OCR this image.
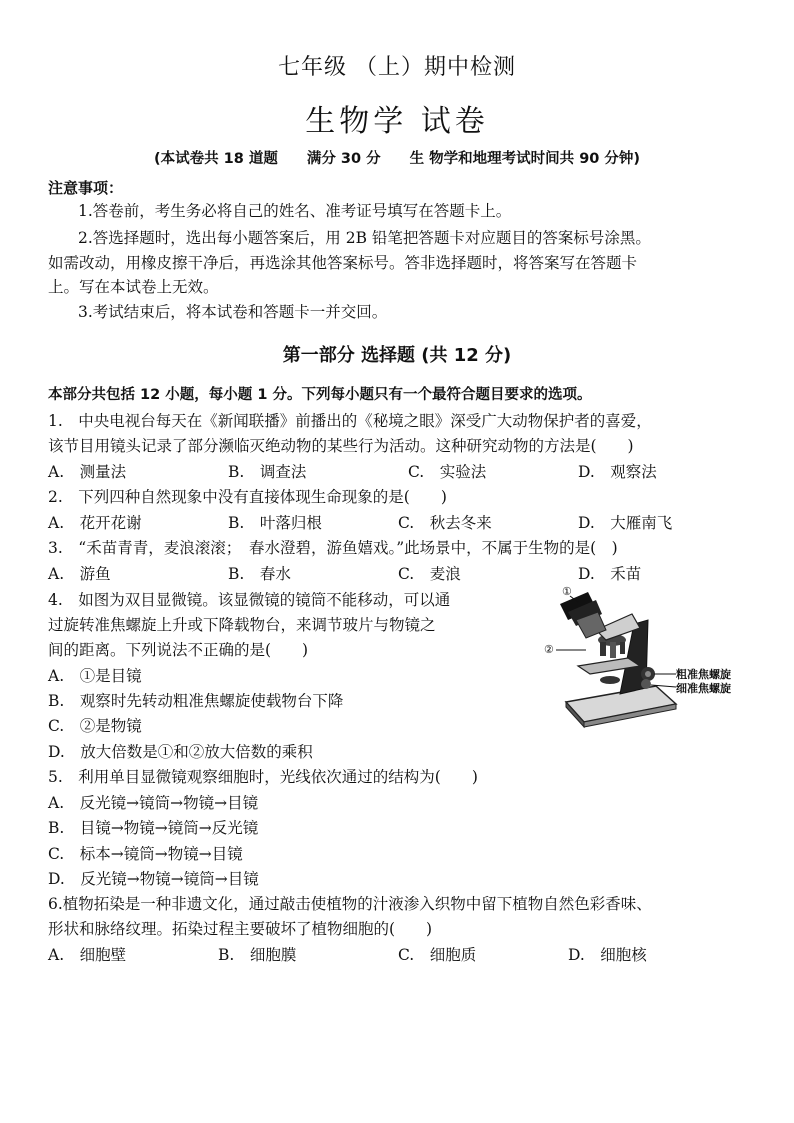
七年级 （上）期中检测
生物学 试卷
(本试卷共 18 道题　　满分 30 分　　生 物学和地理考试时间共 90 分钟)
注意事项：
1.答卷前，考生务必将自己的姓名、准考证号填写在答题卡上。
2.答选择题时，选出每小题答案后，用 2B 铅笔把答题卡对应题目的答案标号涂黑。
如需改动，用橡皮擦干净后，再选涂其他答案标号。答非选择题时，将答案写在答题卡
上。写在本试卷上无效。
3.考试结束后，将本试卷和答题卡一并交回。
第一部分 选择题 (共 12 分)
本部分共包括 12 小题，每小题 1 分。下列每小题只有一个最符合题目要求的选项。
1.　中央电视台每天在《新闻联播》前播出的《秘境之眼》深受广大动物保护者的喜爱，
该节目用镜头记录了部分濒临灭绝动物的某些行为活动。这种研究动物的方法是(　　)
A.　测量法	B.　调查法	C.　实验法	D.　观察法
2.　下列四种自然现象中没有直接体现生命现象的是(　　)
A.　花开花谢	B.　叶落归根	C.　秋去冬来	D.　大雁南飞
3.　“禾苗青青，麦浪滚滚；　春水澄碧，游鱼嬉戏。”此场景中，不属于生物的是(　)
A.　游鱼	B.　春水	C.　麦浪	D.　禾苗
4.　如图为双目显微镜。该显微镜的镜筒不能移动，可以通
过旋转准焦螺旋上升或下降载物台，来调节玻片与物镜之
间的距离。下列说法不正确的是(　　)
A.　①是目镜
B.　观察时先转动粗准焦螺旋使载物台下降
C.　②是物镜
D.　放大倍数是①和②放大倍数的乘积
①
②
粗准焦螺旋
细准焦螺旋
5.　利用单目显微镜观察细胞时，光线依次通过的结构为(　　)
A.　反光镜→镜筒→物镜→目镜
B.　目镜→物镜→镜筒→反光镜
C.　标本→镜筒→物镜→目镜
D.　反光镜→物镜→镜筒→目镜
6.植物拓染是一种非遗文化，通过敲击使植物的汁液渗入织物中留下植物自然色彩香味、
形状和脉络纹理。拓染过程主要破坏了植物细胞的(　　)
A.　细胞壁	B.　细胞膜	C.　细胞质	D.　细胞核
